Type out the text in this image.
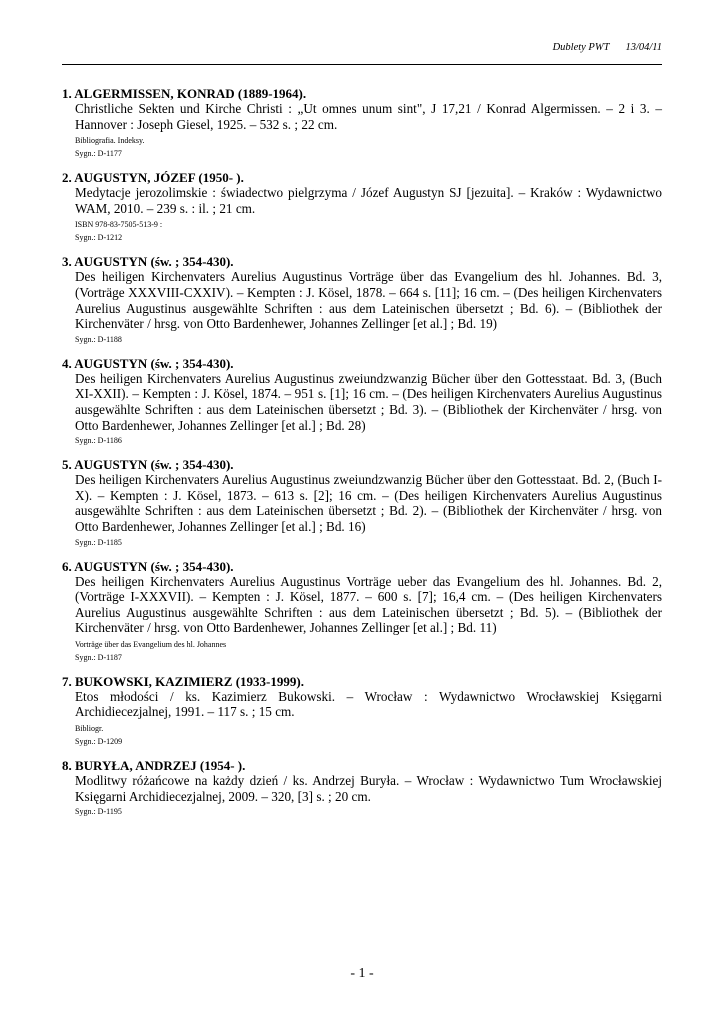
Dublety PWT 13/04/11
1. ALGERMISSEN, KONRAD (1889-1964).
Christliche Sekten und Kirche Christi : „Ut omnes unum sint", J 17,21 / Konrad Algermissen. – 2 i 3. – Hannover : Joseph Giesel, 1925. – 532 s. ; 22 cm.
Bibliografia. Indeksy.
Sygn.: D-1177
2. AUGUSTYN, JÓZEF (1950- ).
Medytacje jerozolimskie : świadectwo pielgrzyma / Józef Augustyn SJ [jezuita]. – Kraków : Wydawnictwo WAM, 2010. – 239 s. : il. ; 21 cm.
ISBN 978-83-7505-513-9 :
Sygn.: D-1212
3. AUGUSTYN (św. ; 354-430).
Des heiligen Kirchenvaters Aurelius Augustinus Vorträge über das Evangelium des hl. Johannes. Bd. 3, (Vorträge XXXVIII-CXXIV). – Kempten : J. Kösel, 1878. – 664 s. [11]; 16 cm. – (Des heiligen Kirchenvaters Aurelius Augustinus ausgewählte Schriften : aus dem Lateinischen übersetzt ; Bd. 6). – (Bibliothek der Kirchenväter / hrsg. von Otto Bardenhewer, Johannes Zellinger [et al.] ; Bd. 19)
Sygn.: D-1188
4. AUGUSTYN (św. ; 354-430).
Des heiligen Kirchenvaters Aurelius Augustinus zweiundzwanzig Bücher über den Gottesstaat. Bd. 3, (Buch XI-XXII). – Kempten : J. Kösel, 1874. – 951 s. [1]; 16 cm. – (Des heiligen Kirchenvaters Aurelius Augustinus ausgewählte Schriften : aus dem Lateinischen übersetzt ; Bd. 3). – (Bibliothek der Kirchenväter / hrsg. von Otto Bardenhewer, Johannes Zellinger [et al.] ; Bd. 28)
Sygn.: D-1186
5. AUGUSTYN (św. ; 354-430).
Des heiligen Kirchenvaters Aurelius Augustinus zweiundzwanzig Bücher über den Gottesstaat. Bd. 2, (Buch I-X). – Kempten : J. Kösel, 1873. – 613 s. [2]; 16 cm. – (Des heiligen Kirchenvaters Aurelius Augustinus ausgewählte Schriften : aus dem Lateinischen übersetzt ; Bd. 2). – (Bibliothek der Kirchenväter / hrsg. von Otto Bardenhewer, Johannes Zellinger [et al.] ; Bd. 16)
Sygn.: D-1185
6. AUGUSTYN (św. ; 354-430).
Des heiligen Kirchenvaters Aurelius Augustinus Vorträge ueber das Evangelium des hl. Johannes. Bd. 2, (Vorträge I-XXXVII). – Kempten : J. Kösel, 1877. – 600 s. [7]; 16,4 cm. – (Des heiligen Kirchenvaters Aurelius Augustinus ausgewählte Schriften : aus dem Lateinischen übersetzt ; Bd. 5). – (Bibliothek der Kirchenväter / hrsg. von Otto Bardenhewer, Johannes Zellinger [et al.] ; Bd. 11)
Vorträge über das Evangelium des hl. Johannes
Sygn.: D-1187
7. BUKOWSKI, KAZIMIERZ (1933-1999).
Etos młodości / ks. Kazimierz Bukowski. – Wrocław : Wydawnictwo Wrocławskiej Księgarni Archidiecezjalnej, 1991. – 117 s. ; 15 cm.
Bibliogr.
Sygn.: D-1209
8. BURYŁA, ANDRZEJ (1954- ).
Modlitwy różańcowe na każdy dzień / ks. Andrzej Buryła. – Wrocław : Wydawnictwo Tum Wrocławskiej Księgarni Archidiecezjalnej, 2009. – 320, [3] s. ; 20 cm.
Sygn.: D-1195
- 1 -
